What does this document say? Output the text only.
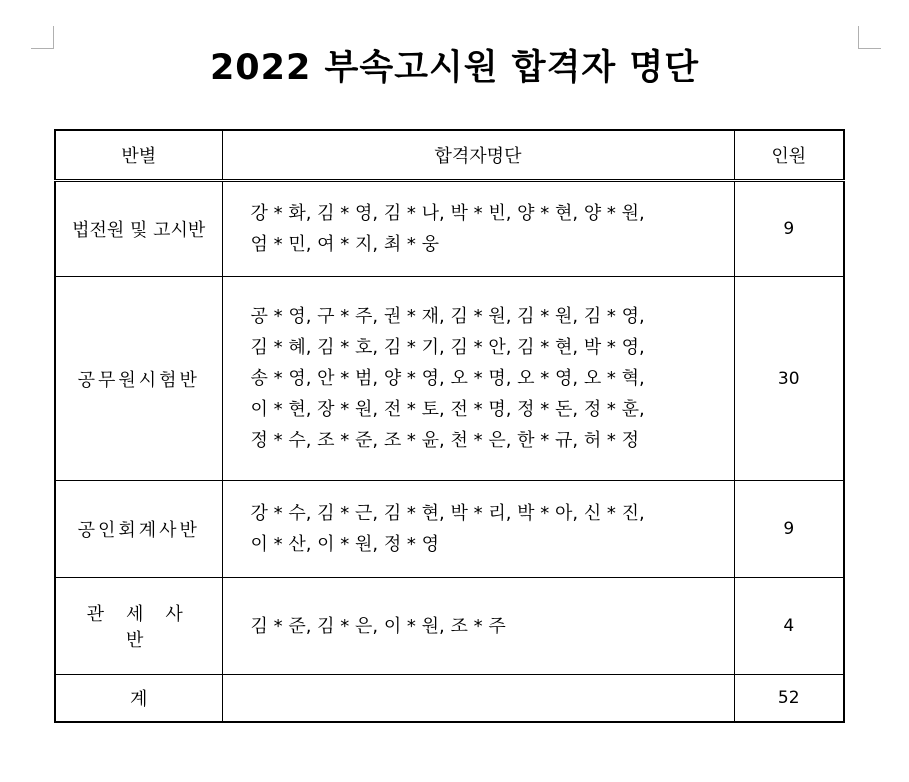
2022 부속고시원 합격자 명단
반별	합격자명단	인원
법전원 및 고시반	강 * 화, 김 * 영, 김 * 나, 박 * 빈, 양 * 현, 양 * 원,
엄 * 민, 여 * 지, 최 * 웅	9
공무원시험반	공 * 영, 구 * 주, 권 * 재, 김 * 원, 김 * 원, 김 * 영,
김 * 혜, 김 * 호, 김 * 기, 김 * 안, 김 * 현, 박 * 영,
송 * 영, 안 * 범, 양 * 영, 오 * 명, 오 * 영, 오 * 혁,
이 * 현, 장 * 원, 전 * 토, 전 * 명, 정 * 돈, 정 * 훈,
정 * 수, 조 * 준, 조 * 윤, 천 * 은, 한 * 규, 허 * 정	30
공인회계사반	강 * 수, 김 * 근, 김 * 현, 박 * 리, 박 * 아, 신 * 진,
이 * 산, 이 * 원, 정 * 영	9
관세사반	김 * 준, 김 * 은, 이 * 원, 조 * 주	4
계		52
